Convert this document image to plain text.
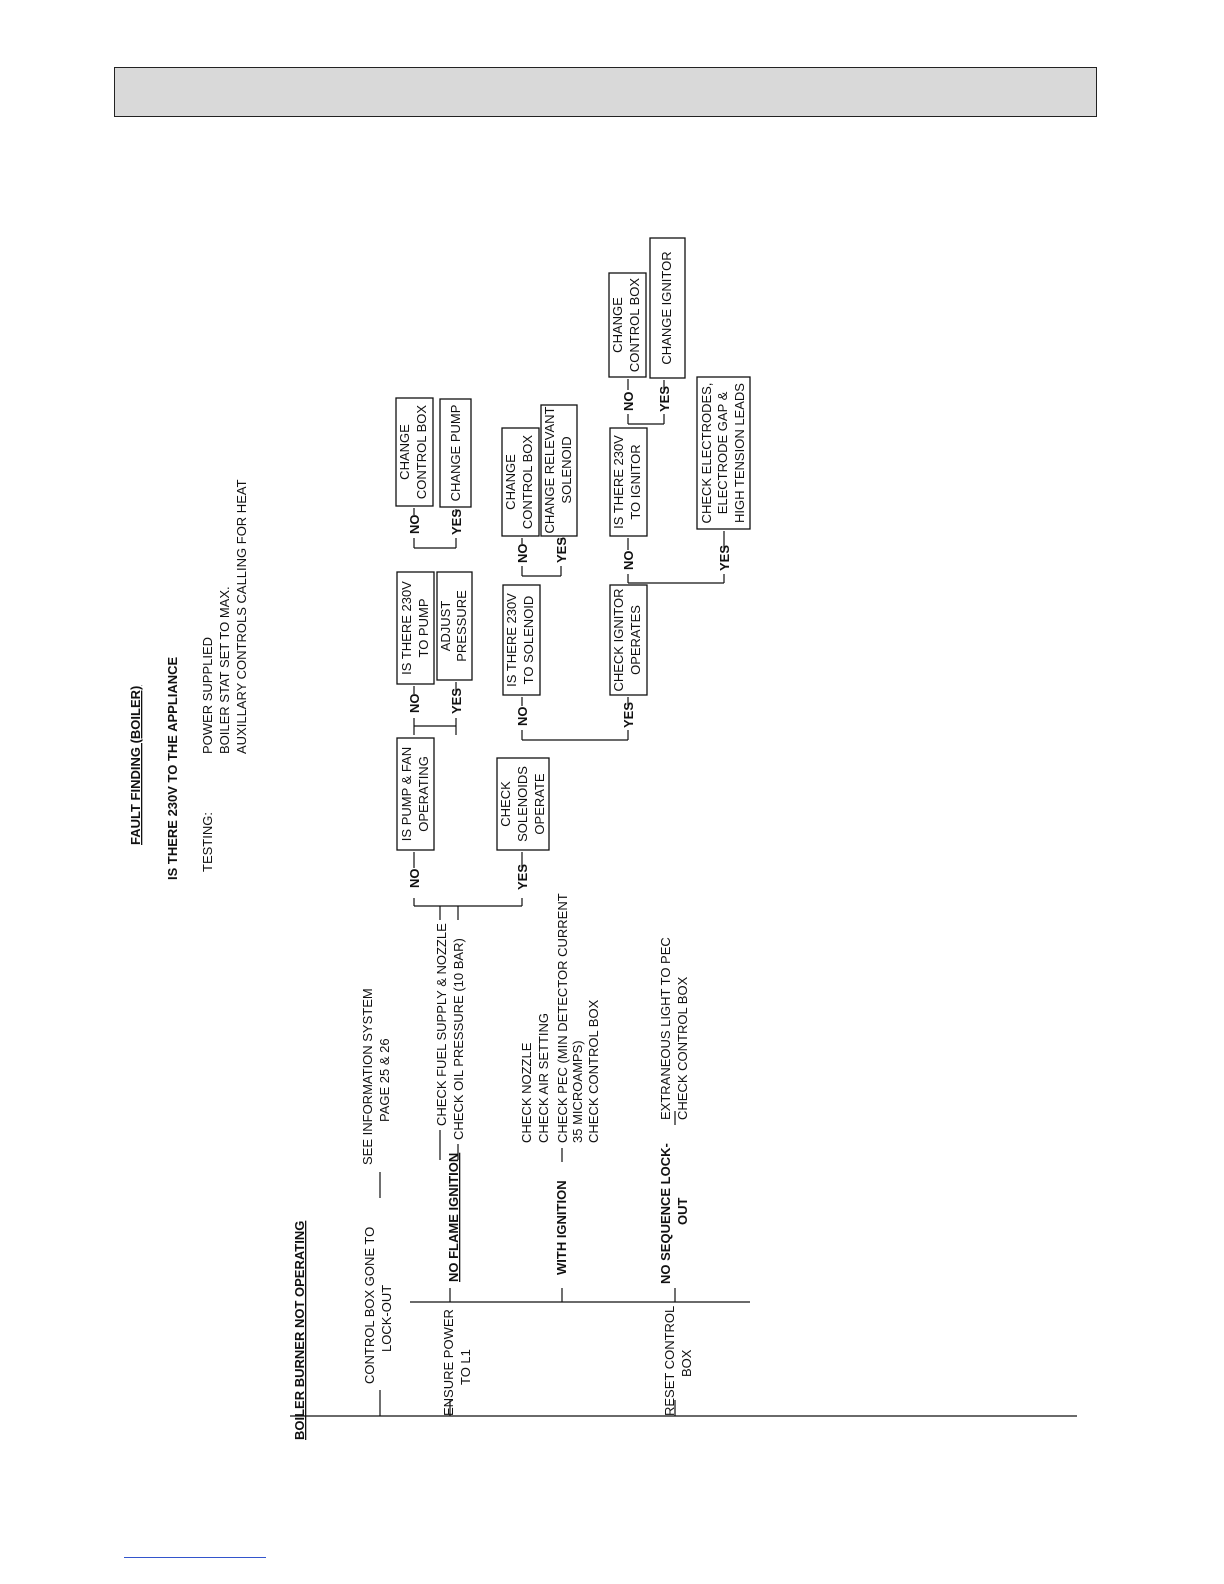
FAULT FINDING (BOILER) IS THERE 230V TO THE APPLIANCE TESTING:
POWER SUPPLIED BOILER STAT SET TO MAX. AUXILLARY CONTROLS CALLING FOR HEAT
BOILER BURNER NOT OPERATING	CONTROL BOX GONE TO LOCK-OUT
SEE INFORMATION SYSTEM PAGE 25 & 26
ENSURE POWER TO L1	RESET CONTROL BOX
NO FLAME IGNITION
CHECK FUEL SUPPLY & NOZZLE CHECK OIL PRESSURE (10 BAR)
WITH IGNITION
CHECK NOZZLE CHECK AIR SETTING CHECK PEC (MIN DETECTOR CURRENT 35 MICROAMPS) CHECK CONTROL BOX
NO SEQUENCE LOCK- OUT
EXTRANEOUS LIGHT TO PEC CHECK CONTROL BOX
NO	YES
NO YES
NO YES
NO	YES
NO YES	NO	YES
NO YES
IS PUMP & FAN OPERATING	CHECK SOLENOIDS OPERATE
IS THERE 230V TO PUMP ADJUST PRESSURE	IS THERE 230V TO SOLENOID	CHECK IGNITOR OPERATES
CHANGE CONTROL BOX CHANGE PUMP	CHANGE CONTROL BOX CHANGE RELEVANT SOLENOID	IS THERE 230V TO IGNITOR	CHECK ELECTRODES, ELECTRODE GAP & HIGH TENSION LEADS
CHANGE CONTROL BOX CHANGE IGNITOR
